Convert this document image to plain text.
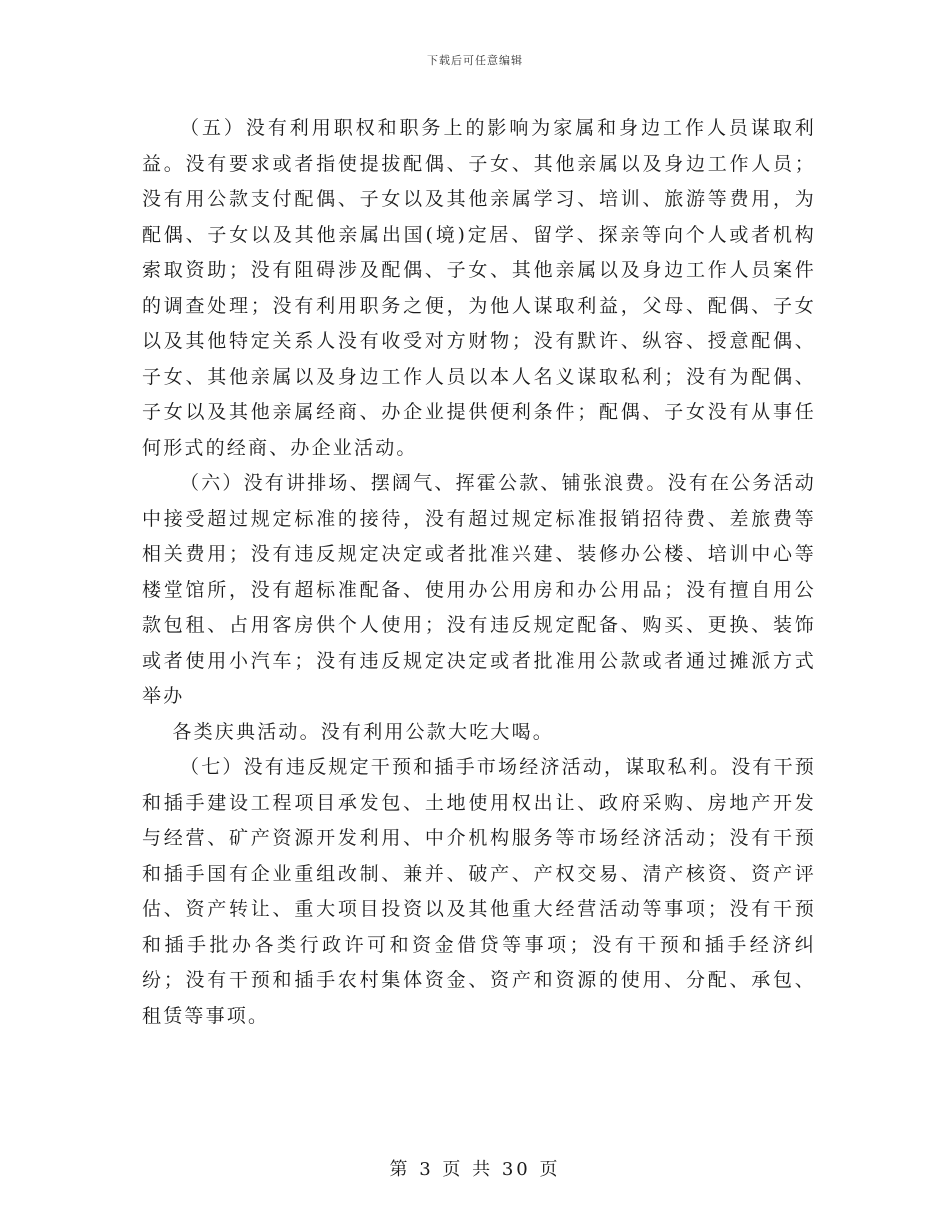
下载后可任意编辑

（五）没有利用职权和职务上的影响为家属和身边工作人员谋取利益。没有要求或者指使提拔配偶、子女、其他亲属以及身边工作人员；没有用公款支付配偶、子女以及其他亲属学习、培训、旅游等费用，为配偶、子女以及其他亲属出国(境)定居、留学、探亲等向个人或者机构索取资助；没有阻碍涉及配偶、子女、其他亲属以及身边工作人员案件的调查处理；没有利用职务之便，为他人谋取利益，父母、配偶、子女以及其他特定关系人没有收受对方财物；没有默许、纵容、授意配偶、子女、其他亲属以及身边工作人员以本人名义谋取私利；没有为配偶、子女以及其他亲属经商、办企业提供便利条件；配偶、子女没有从事任何形式的经商、办企业活动。

（六）没有讲排场、摆阔气、挥霍公款、铺张浪费。没有在公务活动中接受超过规定标准的接待，没有超过规定标准报销招待费、差旅费等相关费用；没有违反规定决定或者批准兴建、装修办公楼、培训中心等楼堂馆所，没有超标准配备、使用办公用房和办公用品；没有擅自用公款包租、占用客房供个人使用；没有违反规定配备、购买、更换、装饰或者使用小汽车；没有违反规定决定或者批准用公款或者通过摊派方式举办

各类庆典活动。没有利用公款大吃大喝。

（七）没有违反规定干预和插手市场经济活动，谋取私利。没有干预和插手建设工程项目承发包、土地使用权出让、政府采购、房地产开发与经营、矿产资源开发利用、中介机构服务等市场经济活动；没有干预和插手国有企业重组改制、兼并、破产、产权交易、清产核资、资产评估、资产转让、重大项目投资以及其他重大经营活动等事项；没有干预和插手批办各类行政许可和资金借贷等事项；没有干预和插手经济纠纷；没有干预和插手农村集体资金、资产和资源的使用、分配、承包、租赁等事项。

第 3 页 共 30 页
